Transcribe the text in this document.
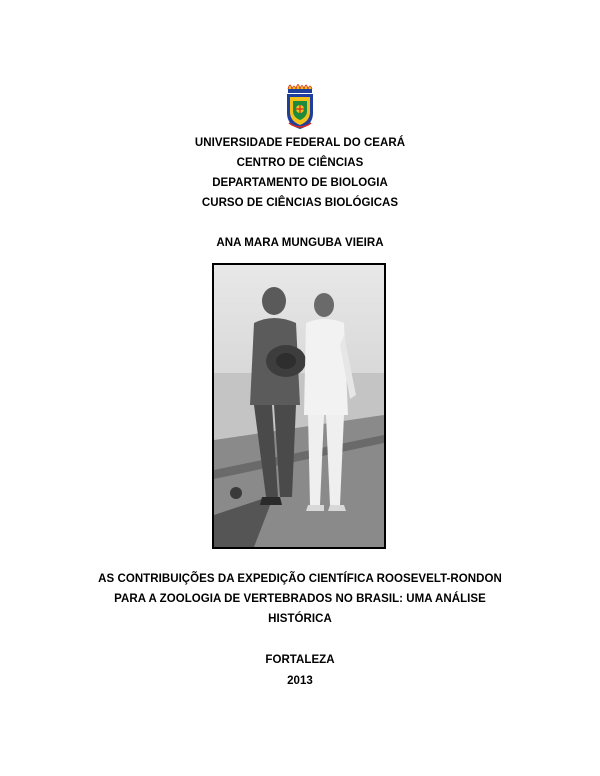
UNIVERSIDADE FEDERAL DO CEARÁ
CENTRO DE CIÊNCIAS
DEPARTAMENTO DE BIOLOGIA
CURSO DE CIÊNCIAS BIOLÓGICAS
ANA MARA MUNGUBA VIEIRA
AS CONTRIBUIÇÕES DA EXPEDIÇÃO CIENTÍFICA ROOSEVELT-RONDON
PARA A ZOOLOGIA DE VERTEBRADOS NO BRASIL: UMA ANÁLISE
HISTÓRICA
FORTALEZA
2013
